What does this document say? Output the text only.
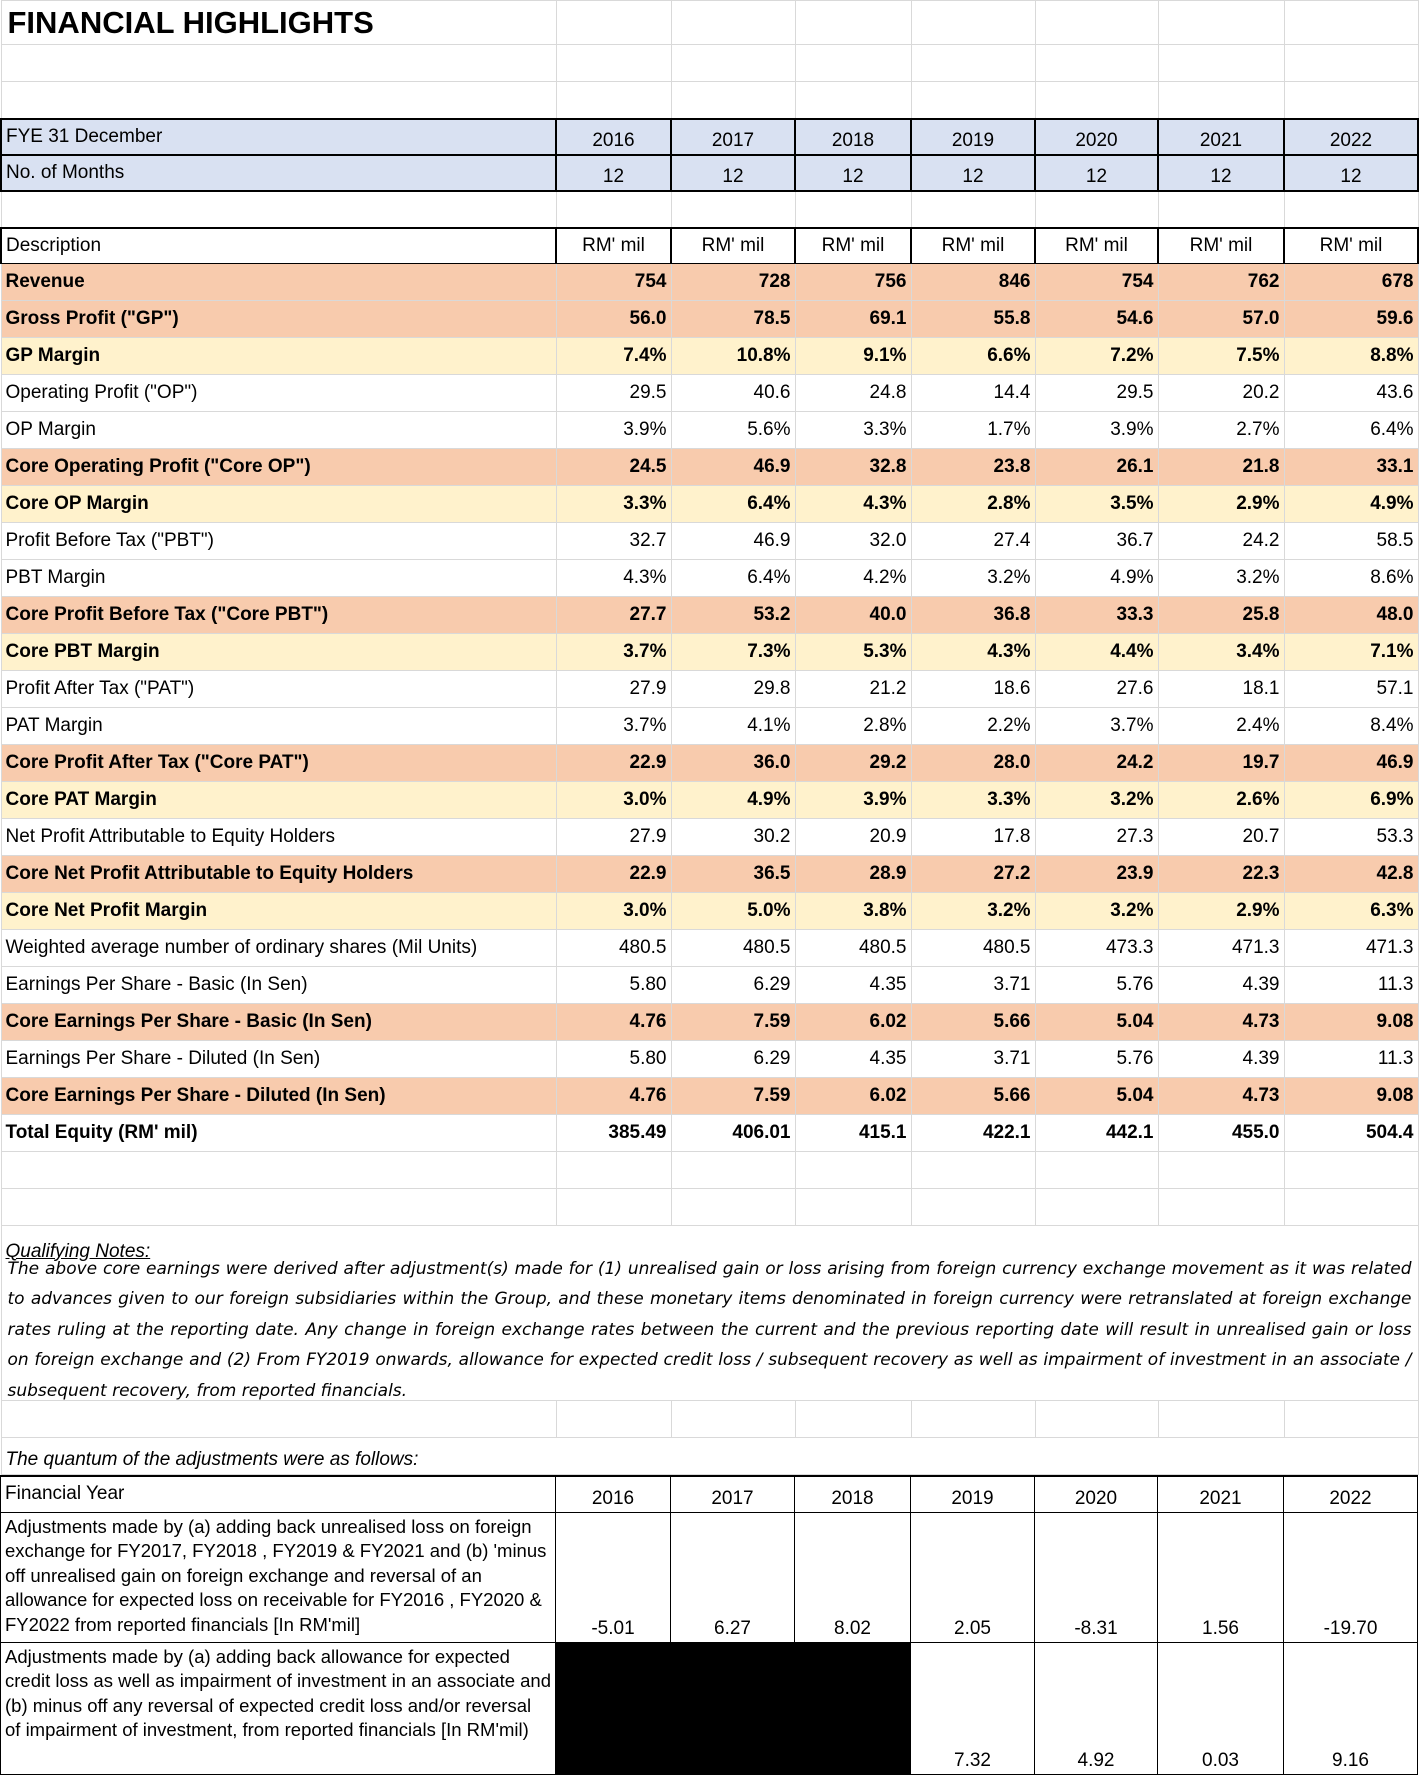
FINANCIAL HIGHLIGHTS							

FYE 31 December	2016	2017	2018	2019	2020	2021	2022
No. of Months	12	12	12	12	12	12	12

Description	RM' mil	RM' mil	RM' mil	RM' mil	RM' mil	RM' mil	RM' mil
Revenue	754	728	756	846	754	762	678
Gross Profit ("GP")	56.0	78.5	69.1	55.8	54.6	57.0	59.6
GP Margin	7.4%	10.8%	9.1%	6.6%	7.2%	7.5%	8.8%
Operating Profit ("OP")	29.5	40.6	24.8	14.4	29.5	20.2	43.6
OP Margin	3.9%	5.6%	3.3%	1.7%	3.9%	2.7%	6.4%
Core Operating Profit ("Core OP")	24.5	46.9	32.8	23.8	26.1	21.8	33.1
Core OP Margin	3.3%	6.4%	4.3%	2.8%	3.5%	2.9%	4.9%
Profit Before Tax ("PBT")	32.7	46.9	32.0	27.4	36.7	24.2	58.5
PBT Margin	4.3%	6.4%	4.2%	3.2%	4.9%	3.2%	8.6%
Core Profit Before Tax ("Core PBT")	27.7	53.2	40.0	36.8	33.3	25.8	48.0
Core PBT Margin	3.7%	7.3%	5.3%	4.3%	4.4%	3.4%	7.1%
Profit After Tax ("PAT")	27.9	29.8	21.2	18.6	27.6	18.1	57.1
PAT Margin	3.7%	4.1%	2.8%	2.2%	3.7%	2.4%	8.4%
Core Profit After Tax ("Core PAT")	22.9	36.0	29.2	28.0	24.2	19.7	46.9
Core PAT Margin	3.0%	4.9%	3.9%	3.3%	3.2%	2.6%	6.9%
Net Profit Attributable to Equity Holders	27.9	30.2	20.9	17.8	27.3	20.7	53.3
Core Net Profit Attributable to Equity Holders	22.9	36.5	28.9	27.2	23.9	22.3	42.8
Core Net Profit Margin	3.0%	5.0%	3.8%	3.2%	3.2%	2.9%	6.3%
Weighted average number of ordinary shares (Mil Units)	480.5	480.5	480.5	480.5	473.3	471.3	471.3
Earnings Per Share - Basic (In Sen)	5.80	6.29	4.35	3.71	5.76	4.39	11.3
Core Earnings Per Share - Basic (In Sen)	4.76	7.59	6.02	5.66	5.04	4.73	9.08
Earnings Per Share - Diluted (In Sen)	5.80	6.29	4.35	3.71	5.76	4.39	11.3
Core Earnings Per Share - Diluted (In Sen)	4.76	7.59	6.02	5.66	5.04	4.73	9.08
Total Equity (RM' mil)	385.49	406.01	415.1	422.1	442.1	455.0	504.4

Qualifying Notes:							

The above core earnings were derived after adjustment(s) made for (1) unrealised gain or loss arising from foreign currency exchange movement as it was related to advances given to our foreign subsidiaries within the Group, and these monetary items denominated in foreign currency were retranslated at foreign exchange rates ruling at the reporting date. Any change in foreign exchange rates between the current and the previous reporting date will result in unrealised gain or loss on foreign exchange and (2) From FY2019 onwards, allowance for expected credit loss / subsequent recovery as well as impairment of investment in an associate / subsequent recovery, from reported financials.							

The quantum of the adjustments were as follows:							
Financial Year	2016	2017	2018	2019	2020	2021	2022
Adjustments made by (a) adding back unrealised loss on foreign exchange for FY2017, FY2018 , FY2019 & FY2021 and (b) 'minus off unrealised gain on foreign exchange and reversal of an allowance for expected loss on receivable for FY2016 , FY2020 & FY2022 from reported financials [In RM'mil]	-5.01	6.27	8.02	2.05	-8.31	1.56	-19.70
Adjustments made by (a) adding back allowance for expected credit loss as well as impairment of investment in an associate and (b) minus off any reversal of expected credit loss and/or reversal of impairment of investment, from reported financials [In RM'mil)				7.32	4.92	0.03	9.16
